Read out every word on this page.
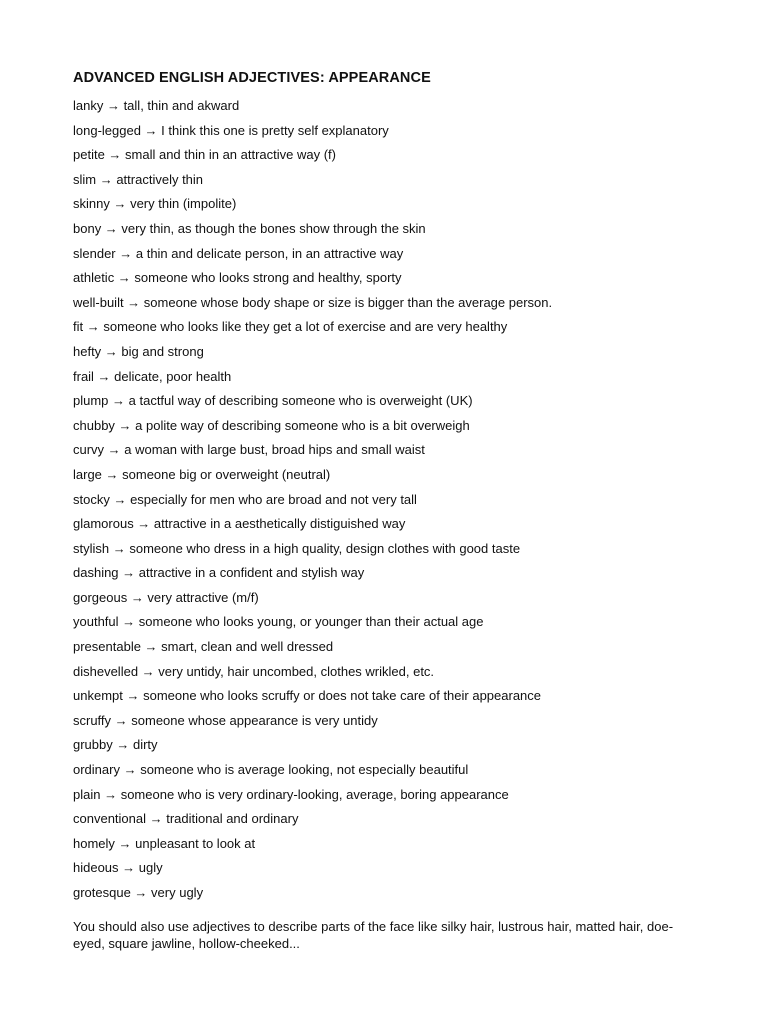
ADVANCED ENGLISH ADJECTIVES: APPEARANCE
lanky → tall, thin and akward
long-legged → I think this one is pretty self explanatory
petite → small and thin in an attractive way (f)
slim → attractively thin
skinny → very thin (impolite)
bony → very thin, as though the bones show through the skin
slender → a thin and delicate person, in an attractive way
athletic → someone who looks strong and healthy, sporty
well-built → someone whose body shape or size is bigger than the average person.
fit → someone who looks like they get a lot of exercise and are very healthy
hefty → big and strong
frail → delicate, poor health
plump → a tactful way of describing someone who is overweight (UK)
chubby → a polite way of describing someone who is a bit overweigh
curvy → a woman with large bust, broad hips and small waist
large → someone big or overweight (neutral)
stocky → especially for men who are broad and not very tall
glamorous → attractive in a aesthetically distiguished way
stylish → someone who dress in a high quality, design clothes with good taste
dashing → attractive in a confident and stylish way
gorgeous → very attractive (m/f)
youthful → someone who looks young, or younger than their actual age
presentable → smart, clean and well dressed
dishevelled → very untidy, hair uncombed, clothes wrikled, etc.
unkempt → someone who looks scruffy or does not take care of their appearance
scruffy → someone whose appearance is very untidy
grubby → dirty
ordinary → someone who is average looking, not especially beautiful
plain → someone who is very ordinary-looking, average, boring appearance
conventional → traditional and ordinary
homely → unpleasant to look at
hideous → ugly
grotesque → very ugly

You should also use adjectives to describe parts of the face like silky hair, lustrous hair, matted hair, doe-eyed, square jawline, hollow-cheeked...
